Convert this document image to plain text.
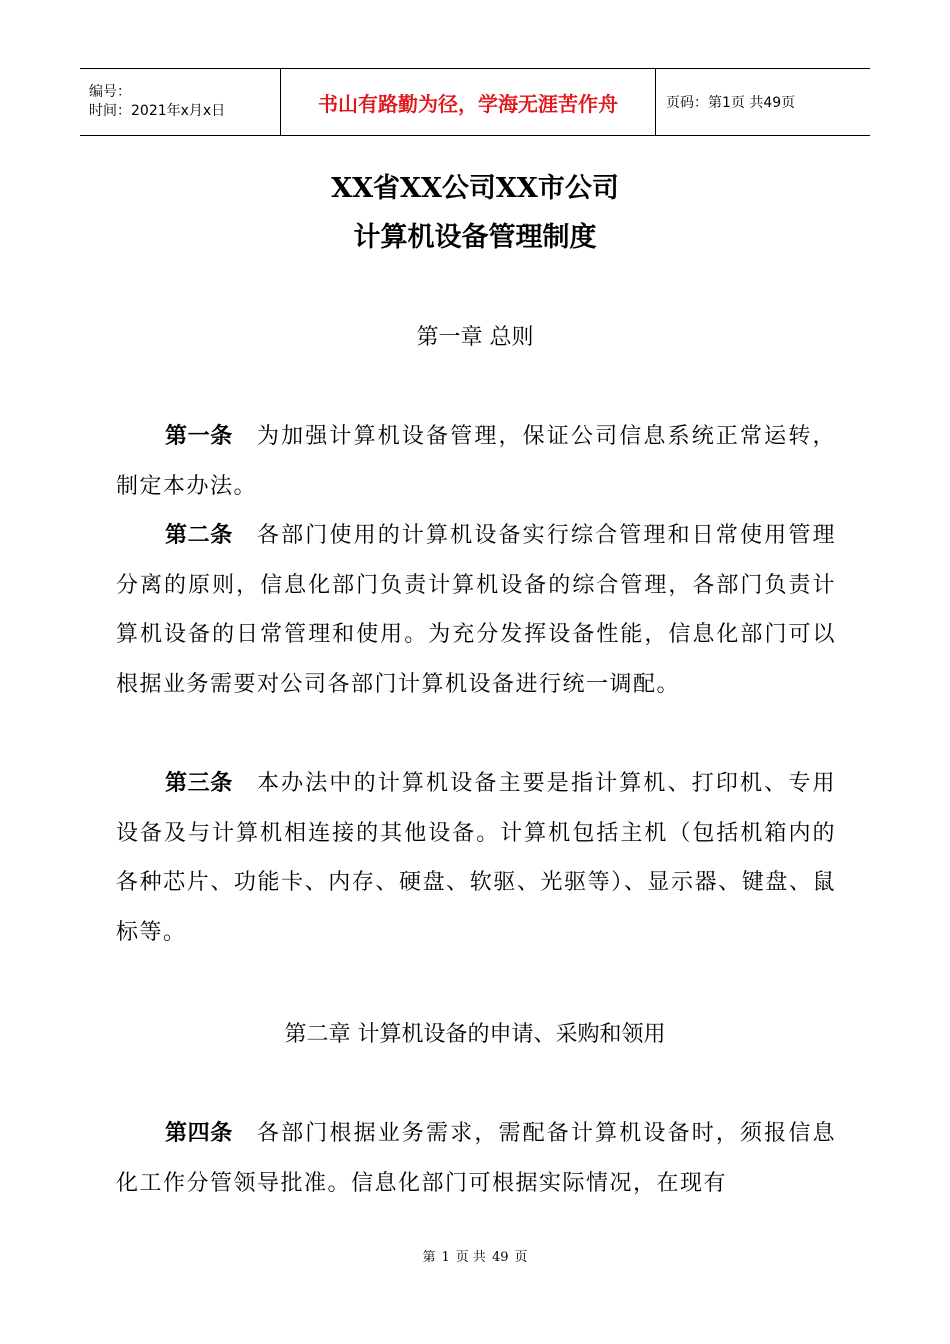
编号：
时间：2021年x月x日	书山有路勤为径，学海无涯苦作舟	页码：第1页 共49页
XX省XX公司XX市公司
计算机设备管理制度
第一章 总则
第一条 为加强计算机设备管理，保证公司信息系统正常运转，制定本办法。
第二条 各部门使用的计算机设备实行综合管理和日常使用管理分离的原则，信息化部门负责计算机设备的综合管理，各部门负责计算机设备的日常管理和使用。为充分发挥设备性能，信息化部门可以根据业务需要对公司各部门计算机设备进行统一调配。
第三条 本办法中的计算机设备主要是指计算机、打印机、专用设备及与计算机相连接的其他设备。计算机包括主机（包括机箱内的各种芯片、功能卡、内存、硬盘、软驱、光驱等）、显示器、键盘、鼠标等。
第二章 计算机设备的申请、采购和领用
第四条 各部门根据业务需求，需配备计算机设备时，须报信息化工作分管领导批准。信息化部门可根据实际情况，在现有
第 1 页 共 49 页
